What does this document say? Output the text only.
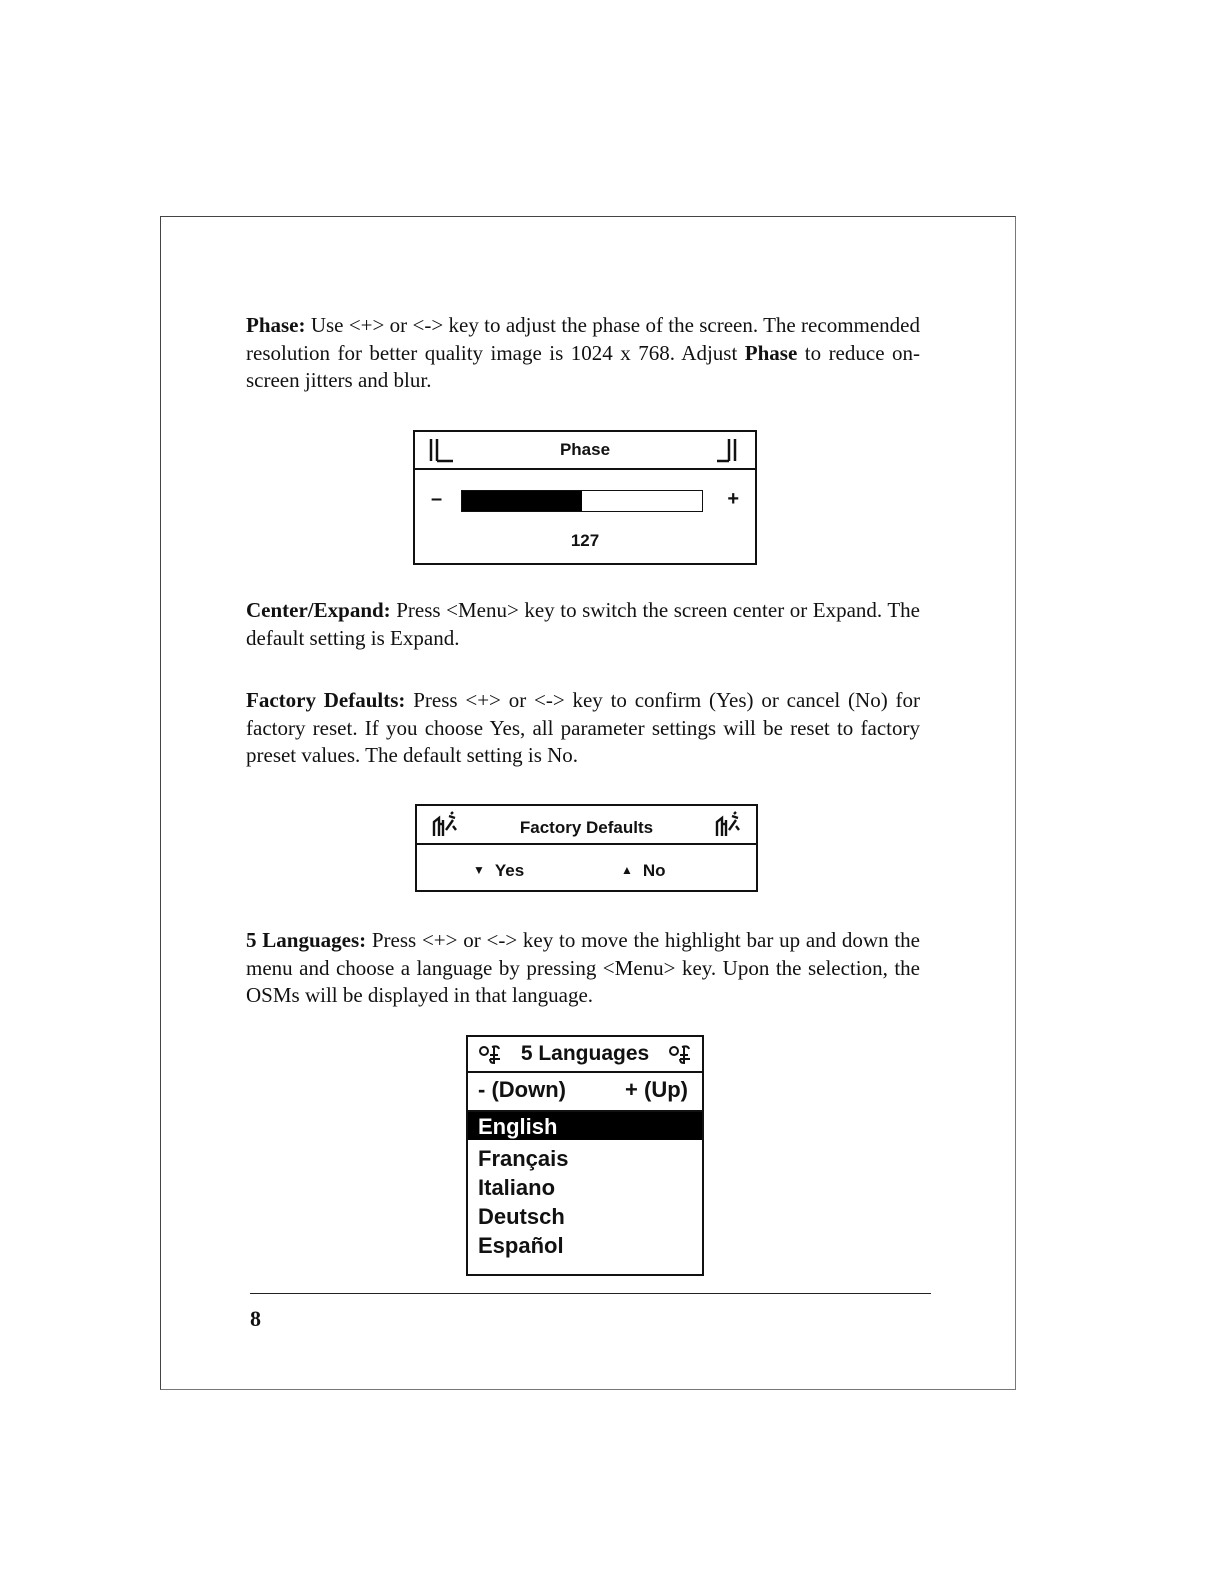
Phase: Use <+> or <-> key to adjust the phase of the screen. The recommended resolution for better quality image is 1024 x 768. Adjust Phase to reduce on-screen jitters and blur.

Phase
–	+
127

Center/Expand: Press <Menu> key to switch the screen center or Expand. The default setting is Expand.

Factory Defaults: Press <+> or <-> key to confirm (Yes) or cancel (No) for factory reset. If you choose Yes, all parameter settings will be reset to factory preset values. The default setting is No.

Factory Defaults
▼ Yes	▲ No

5 Languages: Press <+> or <-> key to move the highlight bar up and down the menu and choose a language by pressing <Menu> key. Upon the selection, the OSMs will be displayed in that language.

5 Languages
- (Down)	+ (Up)
English
Français
Italiano
Deutsch
Español
8
